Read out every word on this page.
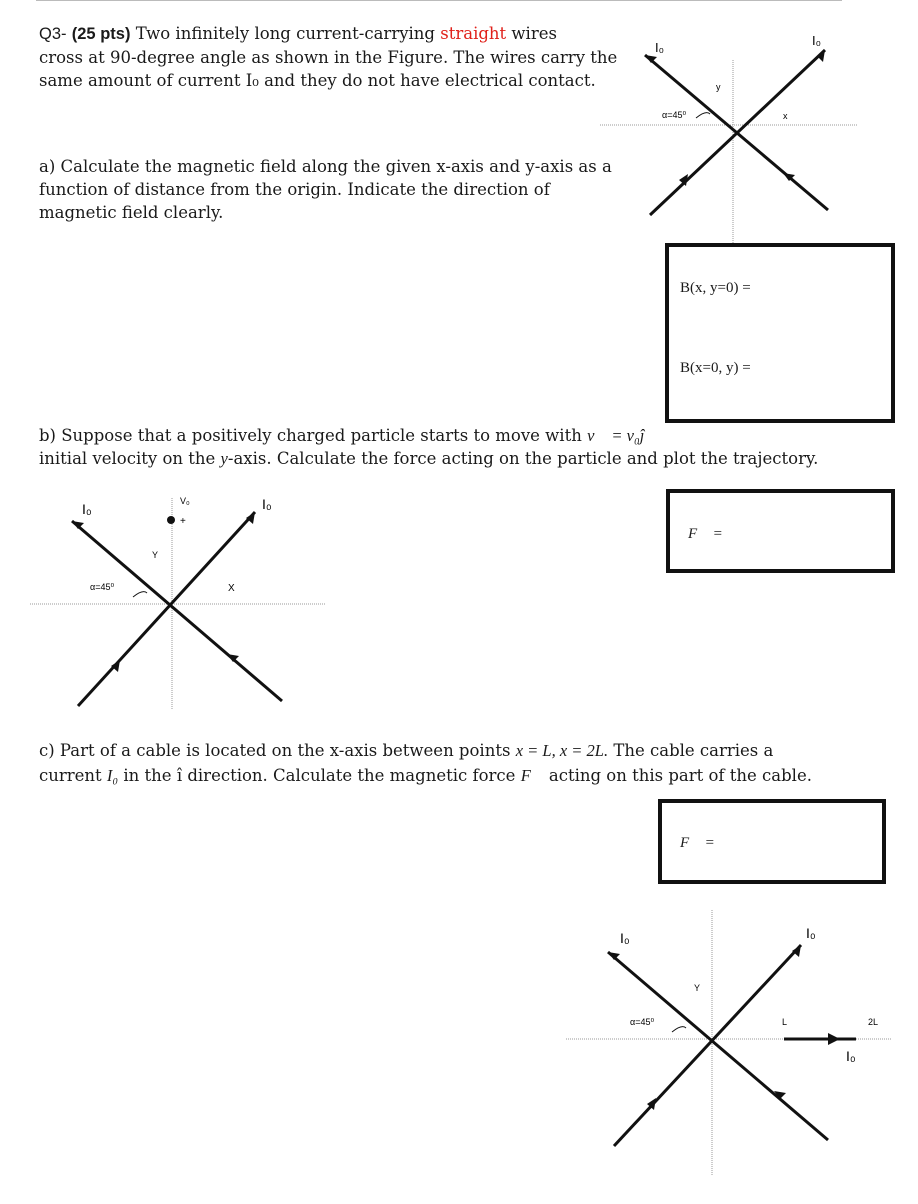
Q3- (25 pts) Two infinitely long current-carrying straight wires
cross at 90-degree angle as shown in the Figure. The wires carry the
same amount of current I₀ and they do not have electrical contact.

I₀	I₀
y
x
α=45⁰

a) Calculate the magnetic field along the given x-axis and y-axis as a
function of distance from the origin. Indicate the direction of
magnetic field clearly.

B(x, y=0) =
B(x=0, y) =

b) Suppose that a positively charged particle starts to move with v⃗ = v₀ĵ
initial velocity on the y-axis. Calculate the force acting on the particle and plot the trajectory.

F⃗ =
I₀	I₀
V₀
+
Y
X
α=45⁰

c) Part of a cable is located on the x-axis between points x = L, x = 2L. The cable carries a
current I₀ in the î direction. Calculate the magnetic force F⃗ acting on this part of the cable.

F⃗ =
I₀	I₀
Y
α=45⁰	L	2L
I₀
